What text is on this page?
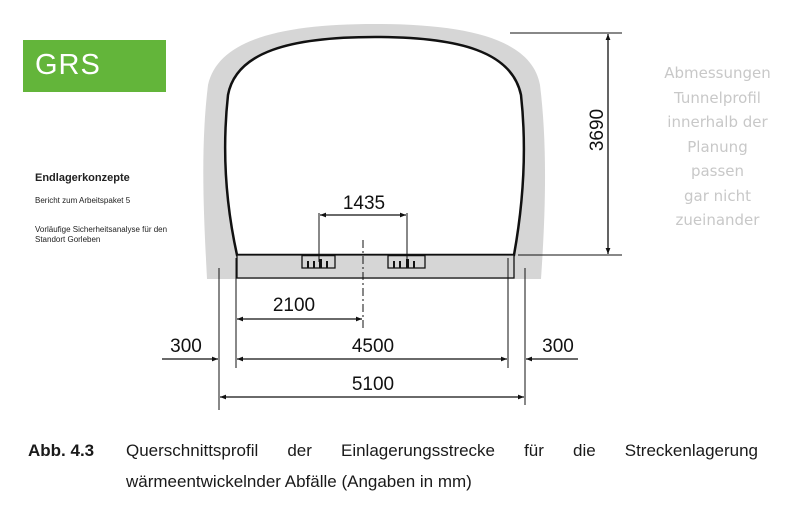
GRS
Endlagerkonzepte
Bericht zum Arbeitspaket 5
Vorläufige Sicherheitsanalyse für den Standort Gorleben
Abmessungen
Tunnelprofil
innerhalb der
Planung
passen
gar nicht
zueinander
1435
2100
4500
5100
300	300
3690
Abb. 4.3 Querschnittsprofil der Einlagerungsstrecke für die Streckenlagerung
wärmeentwickelnder Abfälle (Angaben in mm)
